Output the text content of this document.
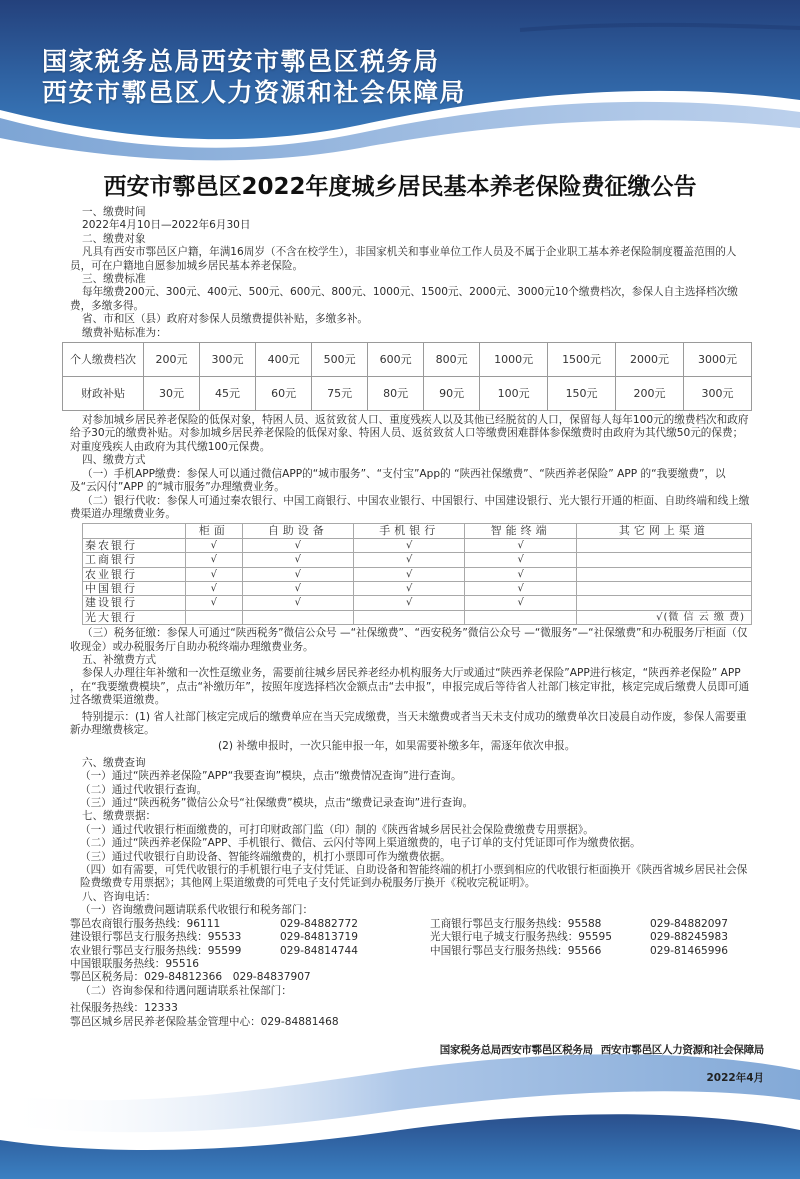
国家税务总局西安市鄠邑区税务局
西安市鄠邑区人力资源和社会保障局
西安市鄠邑区2022年度城乡居民基本养老保险费征缴公告

一、缴费时间

2022年4月10日—2022年6月30日

二、缴费对象

凡具有西安市鄠邑区户籍，年满16周岁（不含在校学生），非国家机关和事业单位工作人员及不属于企业职工基本养老保险制度覆盖范围的人员，可在户籍地自愿参加城乡居民基本养老保险。

三、缴费标准

每年缴费200元、300元、400元、500元、600元、800元、1000元、1500元、2000元、3000元10个缴费档次，参保人自主选择档次缴费，多缴多得。

省、市和区（县）政府对参保人员缴费提供补贴，多缴多补。

缴费补贴标准为：

个人缴费档次	200元	300元	400元	500元	600元	800元	1000元	1500元	2000元	3000元
财政补贴	30元	45元	60元	75元	80元	90元	100元	150元	200元	300元

对参加城乡居民养老保险的低保对象，特困人员、返贫致贫人口、重度残疾人以及其他已经脱贫的人口，保留每人每年100元的缴费档次和政府给予30元的缴费补贴。对参加城乡居民养老保险的低保对象、特困人员、返贫致贫人口等缴费困难群体参保缴费时由政府为其代缴50元的保费；对重度残疾人由政府为其代缴100元保费。

四、缴费方式

（一）手机APP缴费：参保人可以通过微信APP的“城市服务”、“支付宝”App的 “陕西社保缴费”、“陕西养老保险” APP 的“我要缴费”，以及“云闪付”APP 的“城市服务”办理缴费业务。

（二）银行代收：参保人可通过秦农银行、中国工商银行、中国农业银行、中国银行、中国建设银行、光大银行开通的柜面、自助终端和线上缴费渠道办理缴费业务。

	柜面	自助设备	手机银行	智能终端	其它网上渠道
秦农银行	√	√	√	√	
工商银行	√	√	√	√	
农业银行	√	√	√	√	
中国银行	√	√	√	√	
建设银行	√	√	√	√	
光大银行					√(微 信 云 缴 费)

（三）税务征缴：参保人可通过“陕西税务”微信公众号 —“社保缴费”、“西安税务”微信公众号 —“微服务”—“社保缴费”和办税服务厅柜面（仅收现金）或办税服务厅自助办税终端办理缴费业务。

五、补缴费方式

参保人办理往年补缴和一次性趸缴业务，需要前往城乡居民养老经办机构服务大厅或通过“陕西养老保险”APP进行核定，“陕西养老保险” APP ，在“我要缴费模块”，点击“补缴历年”，按照年度选择档次金额点击“去申报”，申报完成后等待省人社部门核定审批，核定完成后缴费人员即可通过各缴费渠道缴费。

特别提示：(1) 省人社部门核定完成后的缴费单应在当天完成缴费，当天未缴费或者当天未支付成功的缴费单次日凌晨自动作废，参保人需要重新办理缴费核定。

(2) 补缴申报时，一次只能申报一年，如果需要补缴多年，需逐年依次申报。

六、缴费查询

（一）通过“陕西养老保险”APP“我要查询”模块，点击“缴费情况查询”进行查询。

（二）通过代收银行查询。

（三）通过“陕西税务”微信公众号“社保缴费”模块，点击“缴费记录查询”进行查询。

七、缴费票据：

（一）通过代收银行柜面缴费的，可打印财政部门监（印）制的《陕西省城乡居民社会保险费缴费专用票据》。

（二）通过“陕西养老保险”APP、手机银行、微信、云闪付等网上渠道缴费的，电子订单的支付凭证即可作为缴费依据。

（三）通过代收银行自助设备、智能终端缴费的，机打小票即可作为缴费依据。

（四）如有需要，可凭代收银行的手机银行电子支付凭证、自助设备和智能终端的机打小票到相应的代收银行柜面换开《陕西省城乡居民社会保险费缴费专用票据》；其他网上渠道缴费的可凭电子支付凭证到办税服务厅换开《税收完税证明》。

八、咨询电话：

（一）咨询缴费问题请联系代收银行和税务部门：

鄠邑农商银行服务热线：96111	029-84882772	工商银行鄠邑支行服务热线：95588	029-84882097
建设银行鄠邑支行服务热线：95533	029-84813719	光大银行电子城支行服务热线：95595	029-88245983
农业银行鄠邑支行服务热线：95599	029-84814744	中国银行鄠邑支行服务热线：95566	029-81465996

中国银联服务热线：95516

鄠邑区税务局：029-84812366　029-84837907

（二）咨询参保和待遇问题请联系社保部门：

社保服务热线：12333

鄠邑区城乡居民养老保险基金管理中心：029-84881468

国家税务总局西安市鄠邑区税务局 西安市鄠邑区人力资源和社会保障局
2022年4月
